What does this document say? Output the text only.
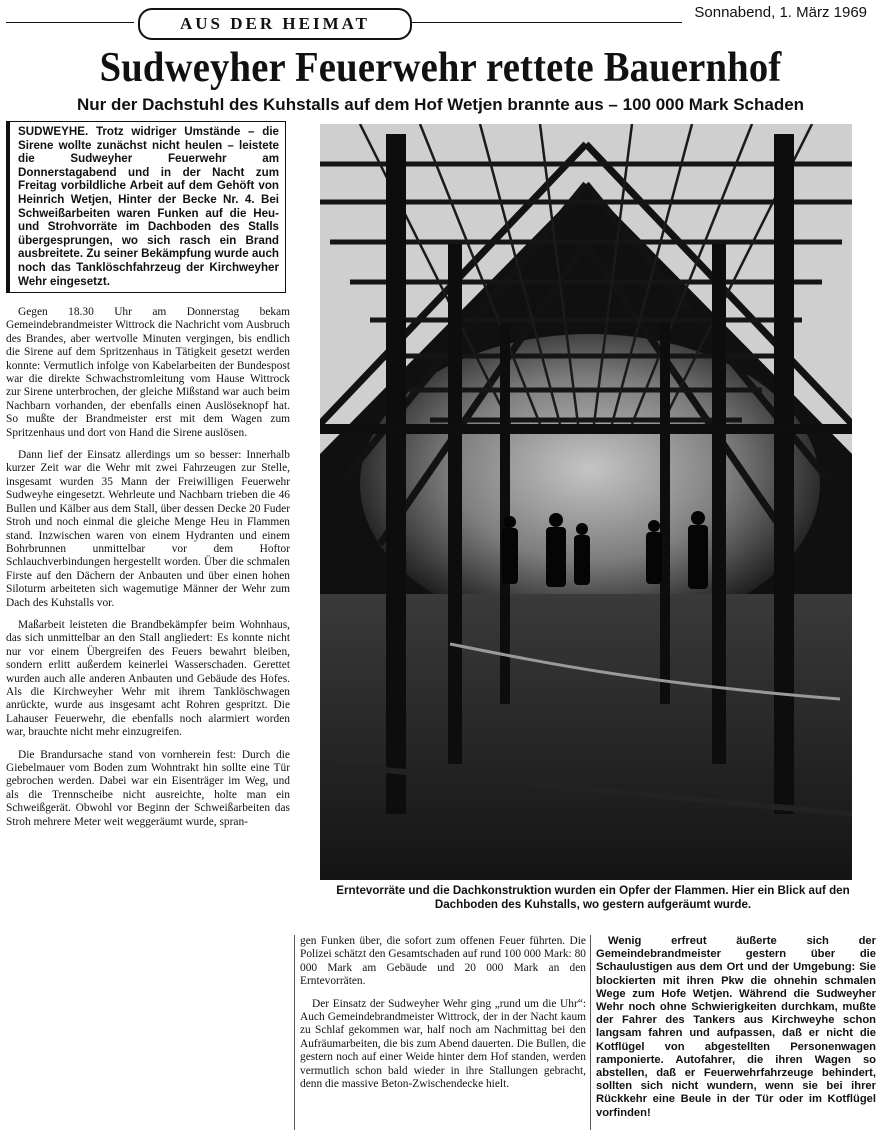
AUS DER HEIMAT
Sonnabend, 1. März 1969
Sudweyher Feuerwehr rettete Bauernhof
Nur der Dachstuhl des Kuhstalls auf dem Hof Wetjen brannte aus – 100 000 Mark Schaden
SUDWEYHE. Trotz widriger Umstände – die Sirene wollte zunächst nicht heulen – leistete die Sudweyher Feuerwehr am Donnerstagabend und in der Nacht zum Freitag vorbildliche Arbeit auf dem Gehöft von Heinrich Wetjen, Hinter der Becke Nr. 4. Bei Schweißarbeiten waren Funken auf die Heu- und Strohvorräte im Dachboden des Stalls übergesprungen, wo sich rasch ein Brand ausbreitete. Zu seiner Bekämpfung wurde auch noch das Tanklöschfahrzeug der Kirchweyher Wehr eingesetzt.

Gegen 18.30 Uhr am Donnerstag bekam Gemeindebrandmeister Wittrock die Nachricht vom Ausbruch des Brandes, aber wertvolle Minuten vergingen, bis endlich die Sirene auf dem Spritzenhaus in Tätigkeit gesetzt werden konnte: Vermutlich infolge von Kabelarbeiten der Bundespost war die direkte Schwachstromleitung vom Hause Wittrock zur Sirene unterbrochen, der gleiche Mißstand war auch beim Nachbarn vorhanden, der ebenfalls einen Auslöseknopf hat. So mußte der Brandmeister erst mit dem Wagen zum Spritzenhaus und dort von Hand die Sirene auslösen.

Dann lief der Einsatz allerdings um so besser: Innerhalb kurzer Zeit war die Wehr mit zwei Fahrzeugen zur Stelle, insgesamt wurden 35 Mann der Freiwilligen Feuerwehr Sudweyhe eingesetzt. Wehrleute und Nachbarn trieben die 46 Bullen und Kälber aus dem Stall, über dessen Decke 20 Fuder Stroh und noch einmal die gleiche Menge Heu in Flammen stand. Inzwischen waren von einem Hydranten und einem Bohrbrunnen unmittelbar vor dem Hoftor Schlauchverbindungen hergestellt worden. Über die schmalen Firste auf den Dächern der Anbauten und über einen hohen Siloturm arbeiteten sich wagemutige Männer der Wehr zum Dach des Kuhstalls vor.

Maßarbeit leisteten die Brandbekämpfer beim Wohnhaus, das sich unmittelbar an den Stall angliedert: Es konnte nicht nur vor einem Übergreifen des Feuers bewahrt bleiben, sondern erlitt außerdem keinerlei Wasserschaden. Gerettet wurden auch alle anderen Anbauten und Gebäude des Hofes. Als die Kirchweyher Wehr mit ihrem Tanklöschwagen anrückte, wurde aus insgesamt acht Rohren gespritzt. Die Lahauser Feuerwehr, die ebenfalls noch alarmiert worden war, brauchte nicht mehr einzugreifen.

Die Brandursache stand von vornherein fest: Durch die Giebelmauer vom Boden zum Wohntrakt hin sollte eine Tür gebrochen werden. Dabei war ein Eisenträger im Weg, und als die Trennscheibe nicht ausreichte, holte man ein Schweißgerät. Obwohl vor Beginn der Schweißarbeiten das Stroh mehrere Meter weit weggeräumt wurde, spran-

Erntevorräte und die Dachkonstruktion wurden ein Opfer der Flammen. Hier ein Blick auf den Dachboden des Kuhstalls, wo gestern aufgeräumt wurde.

gen Funken über, die sofort zum offenen Feuer führten. Die Polizei schätzt den Gesamtschaden auf rund 100 000 Mark: 80 000 Mark am Gebäude und 20 000 Mark an den Erntevorräten.

Der Einsatz der Sudweyher Wehr ging „rund um die Uhr“: Auch Gemeindebrandmeister Wittrock, der in der Nacht kaum zu Schlaf gekommen war, half noch am Nachmittag bei den Aufräumarbeiten, die bis zum Abend dauerten. Die Bullen, die gestern noch auf einer Weide hinter dem Hof standen, werden vermutlich schon bald wieder in ihre Stallungen gebracht, denn die massive Beton-Zwischendecke hielt.

Wenig erfreut äußerte sich der Gemeindebrandmeister gestern über die Schaulustigen aus dem Ort und der Umgebung: Sie blockierten mit ihren Pkw die ohnehin schmalen Wege zum Hofe Wetjen. Während die Sudweyher Wehr noch ohne Schwierigkeiten durchkam, mußte der Fahrer des Tankers aus Kirchweyhe schon langsam fahren und aufpassen, daß er nicht die Kotflügel von abgestellten Personenwagen ramponierte. Autofahrer, die ihren Wagen so abstellen, daß er Feuerwehrfahrzeuge behindert, sollten sich nicht wundern, wenn sie bei ihrer Rückkehr eine Beule in der Tür oder im Kotflügel vorfinden!
